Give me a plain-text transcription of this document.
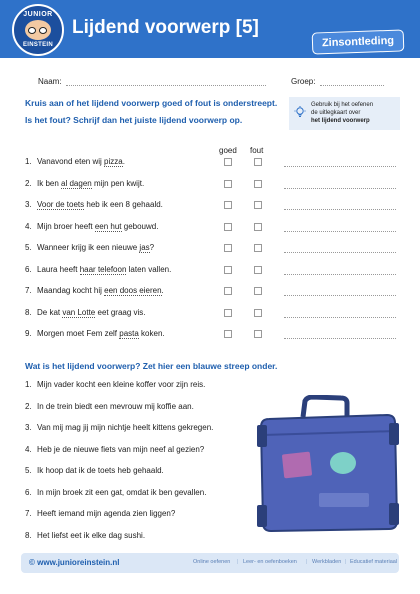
JUNIOR
EINSTEIN
Lijdend voorwerp [5]
Zinsontleding
Naam:	Groep:
Kruis aan of het lijdend voorwerp goed of fout is onderstreept.
Is het fout? Schrijf dan het juiste lijdend voorwerp op.
Gebruik bij het oefenen
de uitlegkaart over
het lijdend voorwerp
goed fout
1. Vanavond eten wij pizza.
2. Ik ben al dagen mijn pen kwijt.
3. Voor de toets heb ik een 8 gehaald.
4. Mijn broer heeft een hut gebouwd.
5. Wanneer krijg ik een nieuwe jas?
6. Laura heeft haar telefoon laten vallen.
7. Maandag kocht hij een doos eieren.
8. De kat van Lotte eet graag vis.
9. Morgen moet Fem zelf pasta koken.
Wat is het lijdend voorwerp? Zet hier een blauwe streep onder.
1. Mijn vader kocht een kleine koffer voor zijn reis.
2. In de trein biedt een mevrouw mij koffie aan.
3. Van mij mag jij mijn nichtje heelt kittens gekregen.
4. Heb je de nieuwe fiets van mijn neef al gezien?
5. Ik hoop dat ik de toets heb gehaald.
6. In mijn broek zit een gat, omdat ik ben gevallen.
7. Heeft iemand mijn agenda zien liggen?
8. Het liefst eet ik elke dag sushi.
© www.junioreinstein.nl	Online oefenen | Leer- en oefenboeken | Werkbladen | Educatief materiaal
